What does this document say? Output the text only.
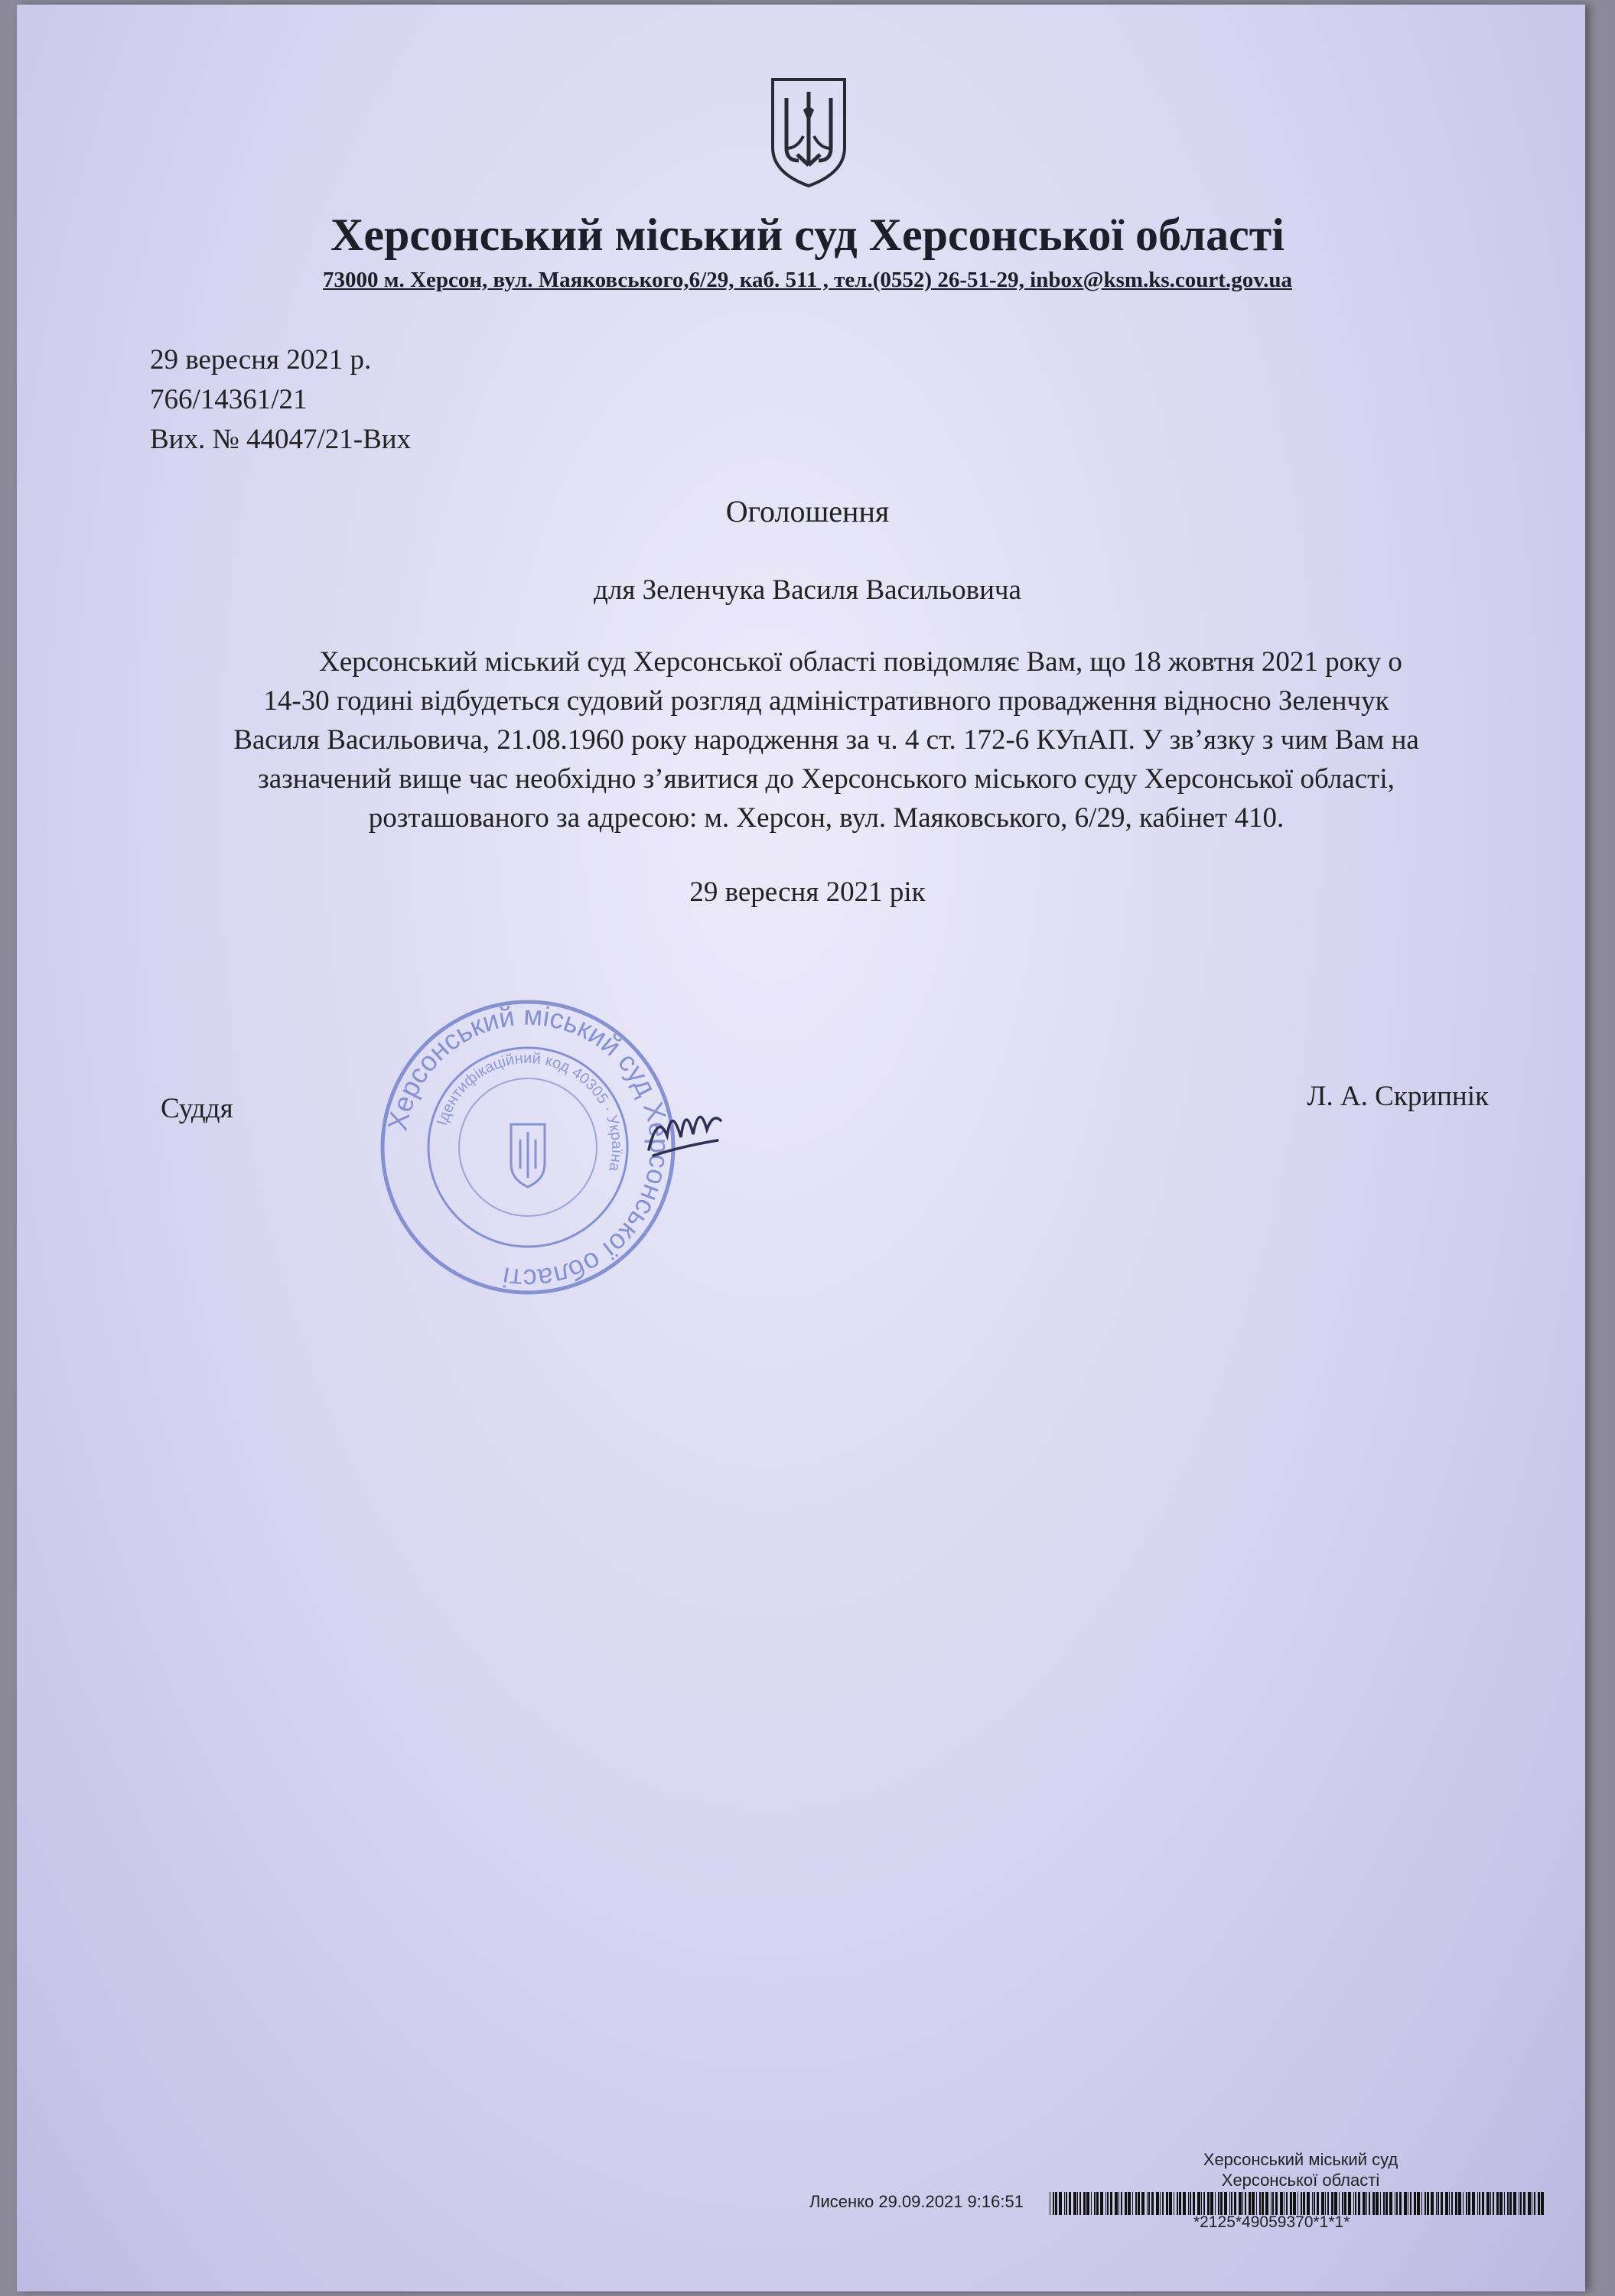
Херсонський міський суд Херсонської області
73000 м. Херсон, вул. Маяковського,6/29, каб. 511 , тел.(0552) 26-51-29, inbox@ksm.ks.court.gov.ua
29 вересня 2021 р.
766/14361/21
Вих. № 44047/21-Вих
Оголошення
для Зеленчука Василя Васильовича
Херсонський міський суд Херсонської області повідомляє Вам, що 18 жовтня 2021 року о
14-30 годині відбудеться судовий розгляд адміністративного провадження відносно Зеленчук
Василя Васильовича, 21.08.1960 року народження за ч. 4 ст. 172-6 КУпАП. У зв’язку з чим Вам на
зазначений вище час необхідно з’явитися до Херсонського міського суду Херсонської області,
розташованого за адресою: м. Херсон, вул. Маяковського, 6/29, кабінет 410.
29 вересня 2021 рік
Суддя	Л. А. Скрипнік
Херсонський міський суд Херсонської області
Ідентифікаційний код 40305 · Україна
Херсонський міський суд
Херсонської області
Лисенко 29.09.2021 9:16:51
*2125*49059370*1*1*
